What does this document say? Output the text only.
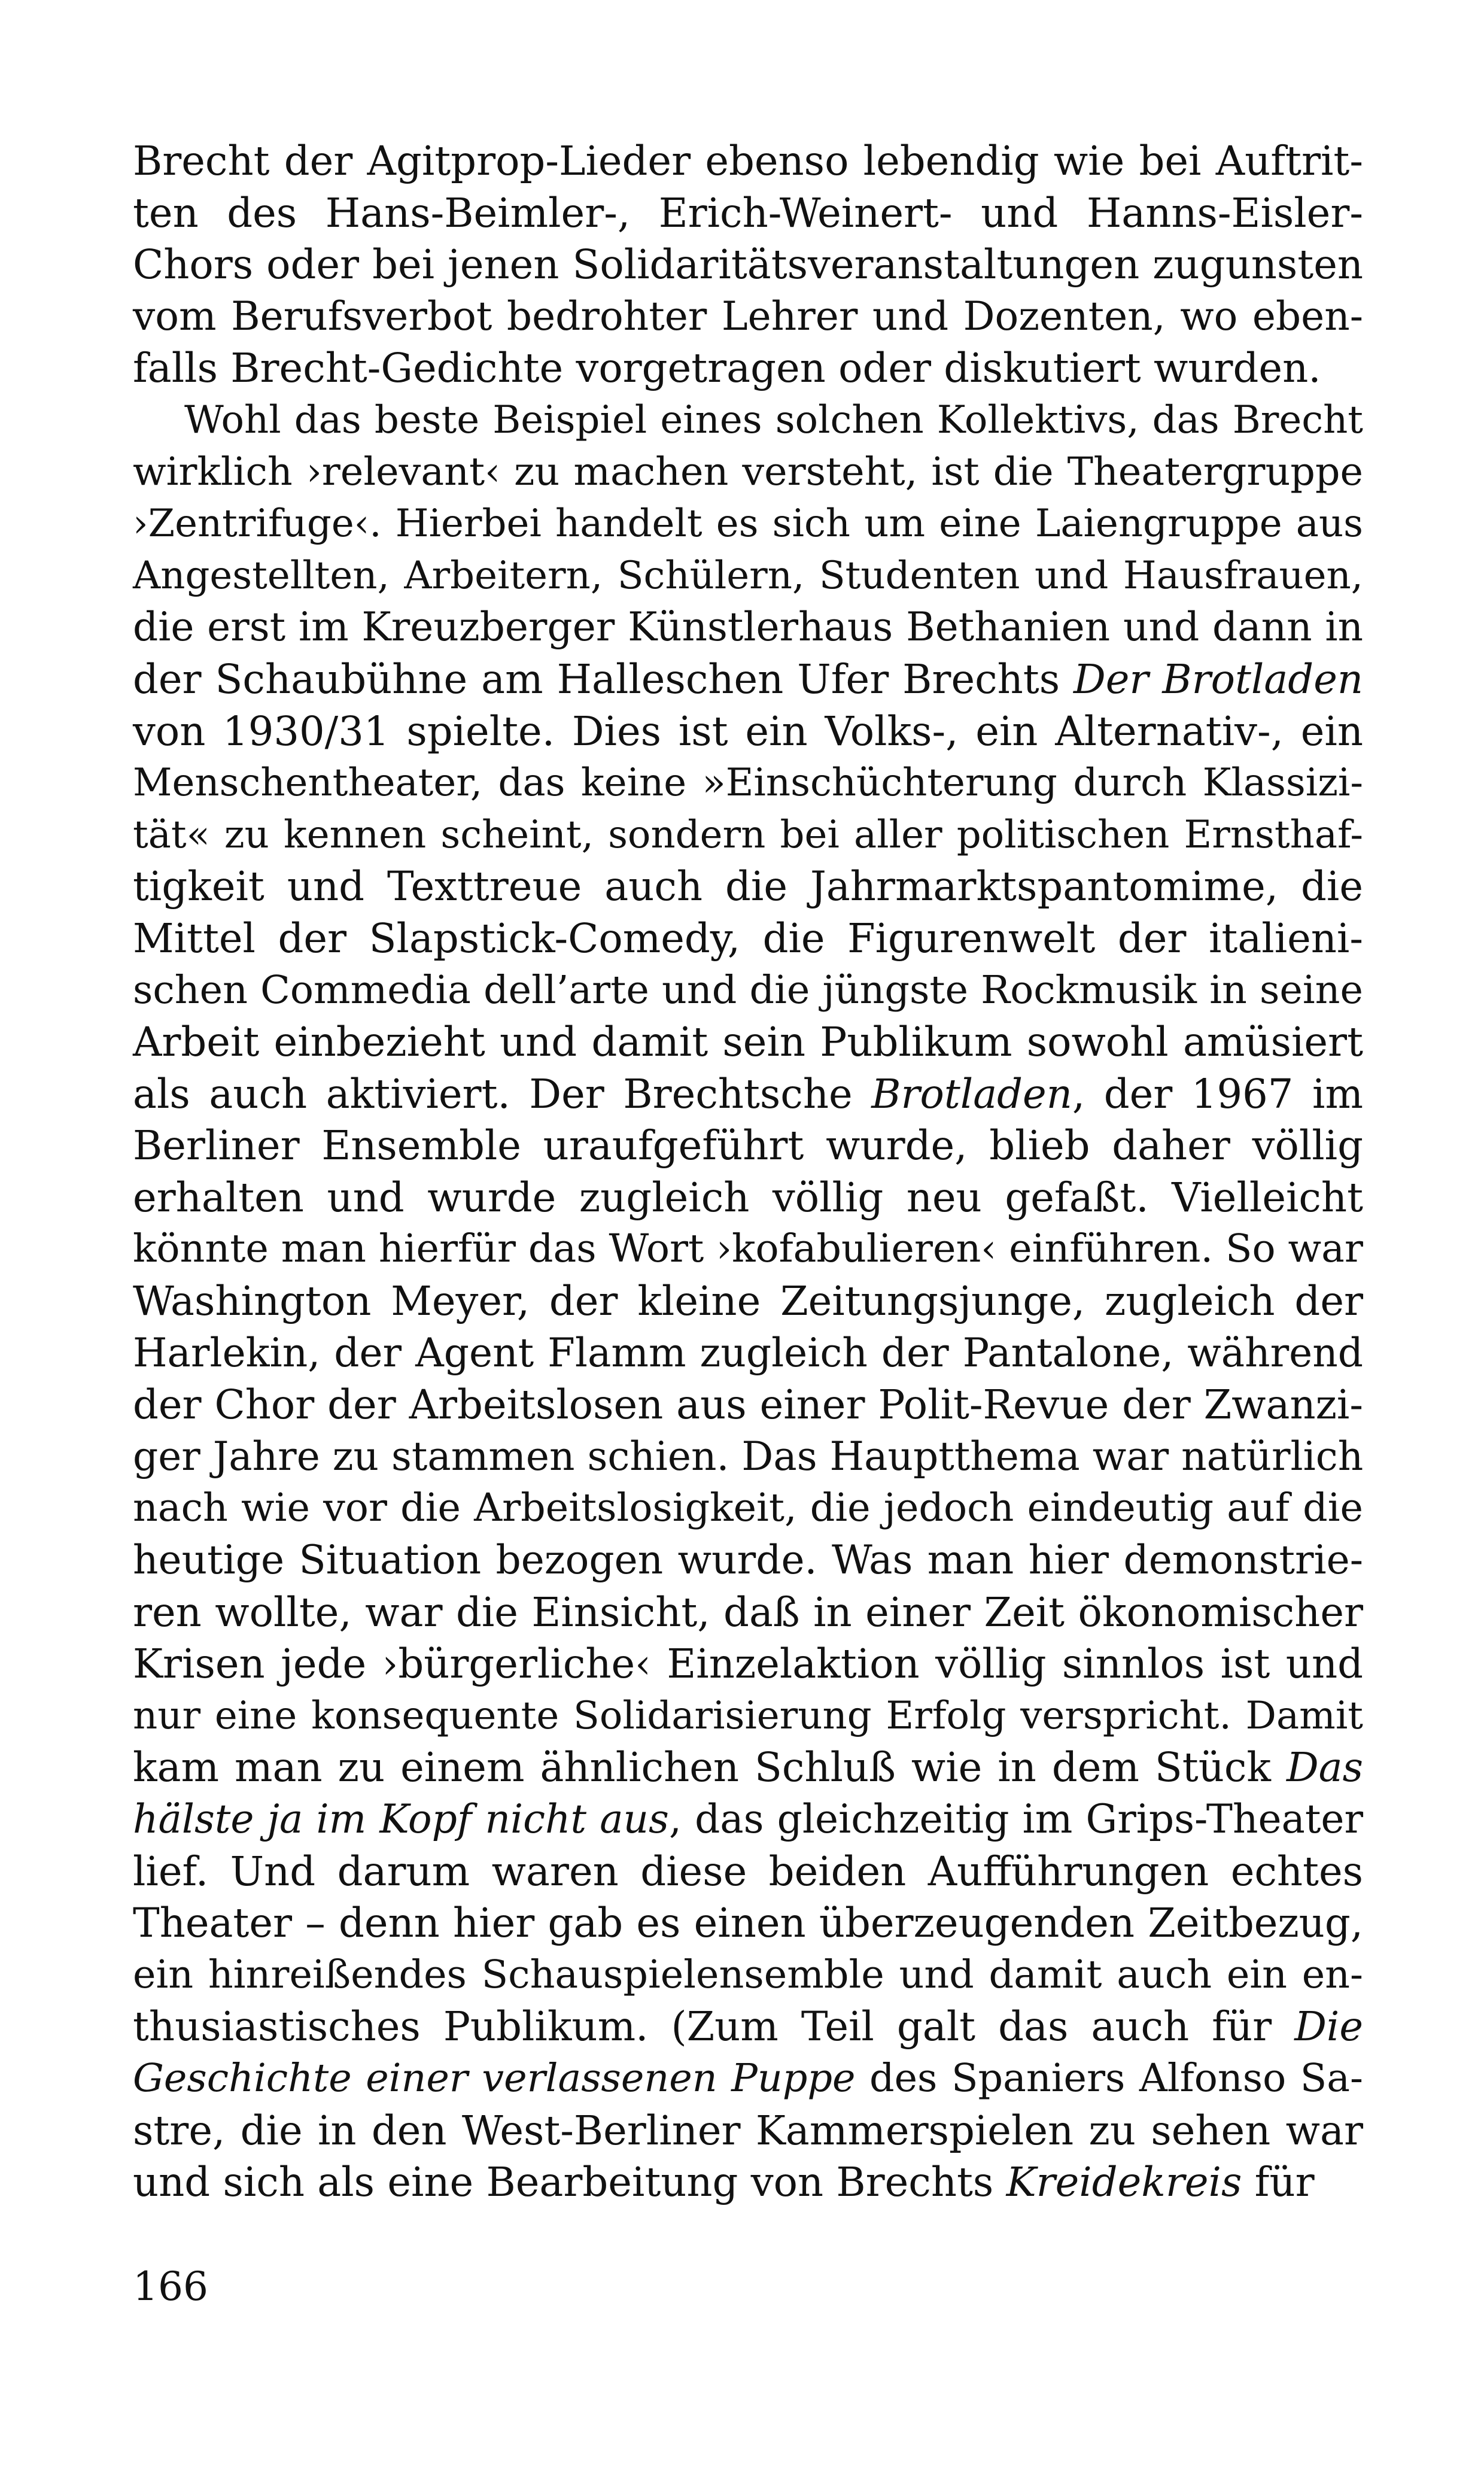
Brecht der Agitprop-Lieder ebenso lebendig wie bei Auftrit-
ten des Hans-Beimler-, Erich-Weinert- und Hanns-Eisler-
Chors oder bei jenen Solidaritätsveranstaltungen zugunsten
vom Berufsverbot bedrohter Lehrer und Dozenten, wo eben-
falls Brecht-Gedichte vorgetragen oder diskutiert wurden.
Wohl das beste Beispiel eines solchen Kollektivs, das Brecht
wirklich ›relevant‹ zu machen versteht, ist die Theatergruppe
›Zentrifuge‹. Hierbei handelt es sich um eine Laiengruppe aus
Angestellten, Arbeitern, Schülern, Studenten und Hausfrauen,
die erst im Kreuzberger Künstlerhaus Bethanien und dann in
der Schaubühne am Halleschen Ufer Brechts Der Brotladen
von 1930/31 spielte. Dies ist ein Volks-, ein Alternativ-, ein
Menschentheater, das keine »Einschüchterung durch Klassizi-
tät« zu kennen scheint, sondern bei aller politischen Ernsthaf-
tigkeit und Texttreue auch die Jahrmarktspantomime, die
Mittel der Slapstick-Comedy, die Figurenwelt der italieni-
schen Commedia dell’arte und die jüngste Rockmusik in seine
Arbeit einbezieht und damit sein Publikum sowohl amüsiert
als auch aktiviert. Der Brechtsche Brotladen, der 1967 im
Berliner Ensemble uraufgeführt wurde, blieb daher völlig
erhalten und wurde zugleich völlig neu gefaßt. Vielleicht
könnte man hierfür das Wort ›kofabulieren‹ einführen. So war
Washington Meyer, der kleine Zeitungsjunge, zugleich der
Harlekin, der Agent Flamm zugleich der Pantalone, während
der Chor der Arbeitslosen aus einer Polit-Revue der Zwanzi-
ger Jahre zu stammen schien. Das Hauptthema war natürlich
nach wie vor die Arbeitslosigkeit, die jedoch eindeutig auf die
heutige Situation bezogen wurde. Was man hier demonstrie-
ren wollte, war die Einsicht, daß in einer Zeit ökonomischer
Krisen jede ›bürgerliche‹ Einzelaktion völlig sinnlos ist und
nur eine konsequente Solidarisierung Erfolg verspricht. Damit
kam man zu einem ähnlichen Schluß wie in dem Stück Das
hälste ja im Kopf nicht aus, das gleichzeitig im Grips-Theater
lief. Und darum waren diese beiden Aufführungen echtes
Theater – denn hier gab es einen überzeugenden Zeitbezug,
ein hinreißendes Schauspielensemble und damit auch ein en-
thusiastisches Publikum. (Zum Teil galt das auch für Die
Geschichte einer verlassenen Puppe des Spaniers Alfonso Sa-
stre, die in den West-Berliner Kammerspielen zu sehen war
und sich als eine Bearbeitung von Brechts Kreidekreis für
166
